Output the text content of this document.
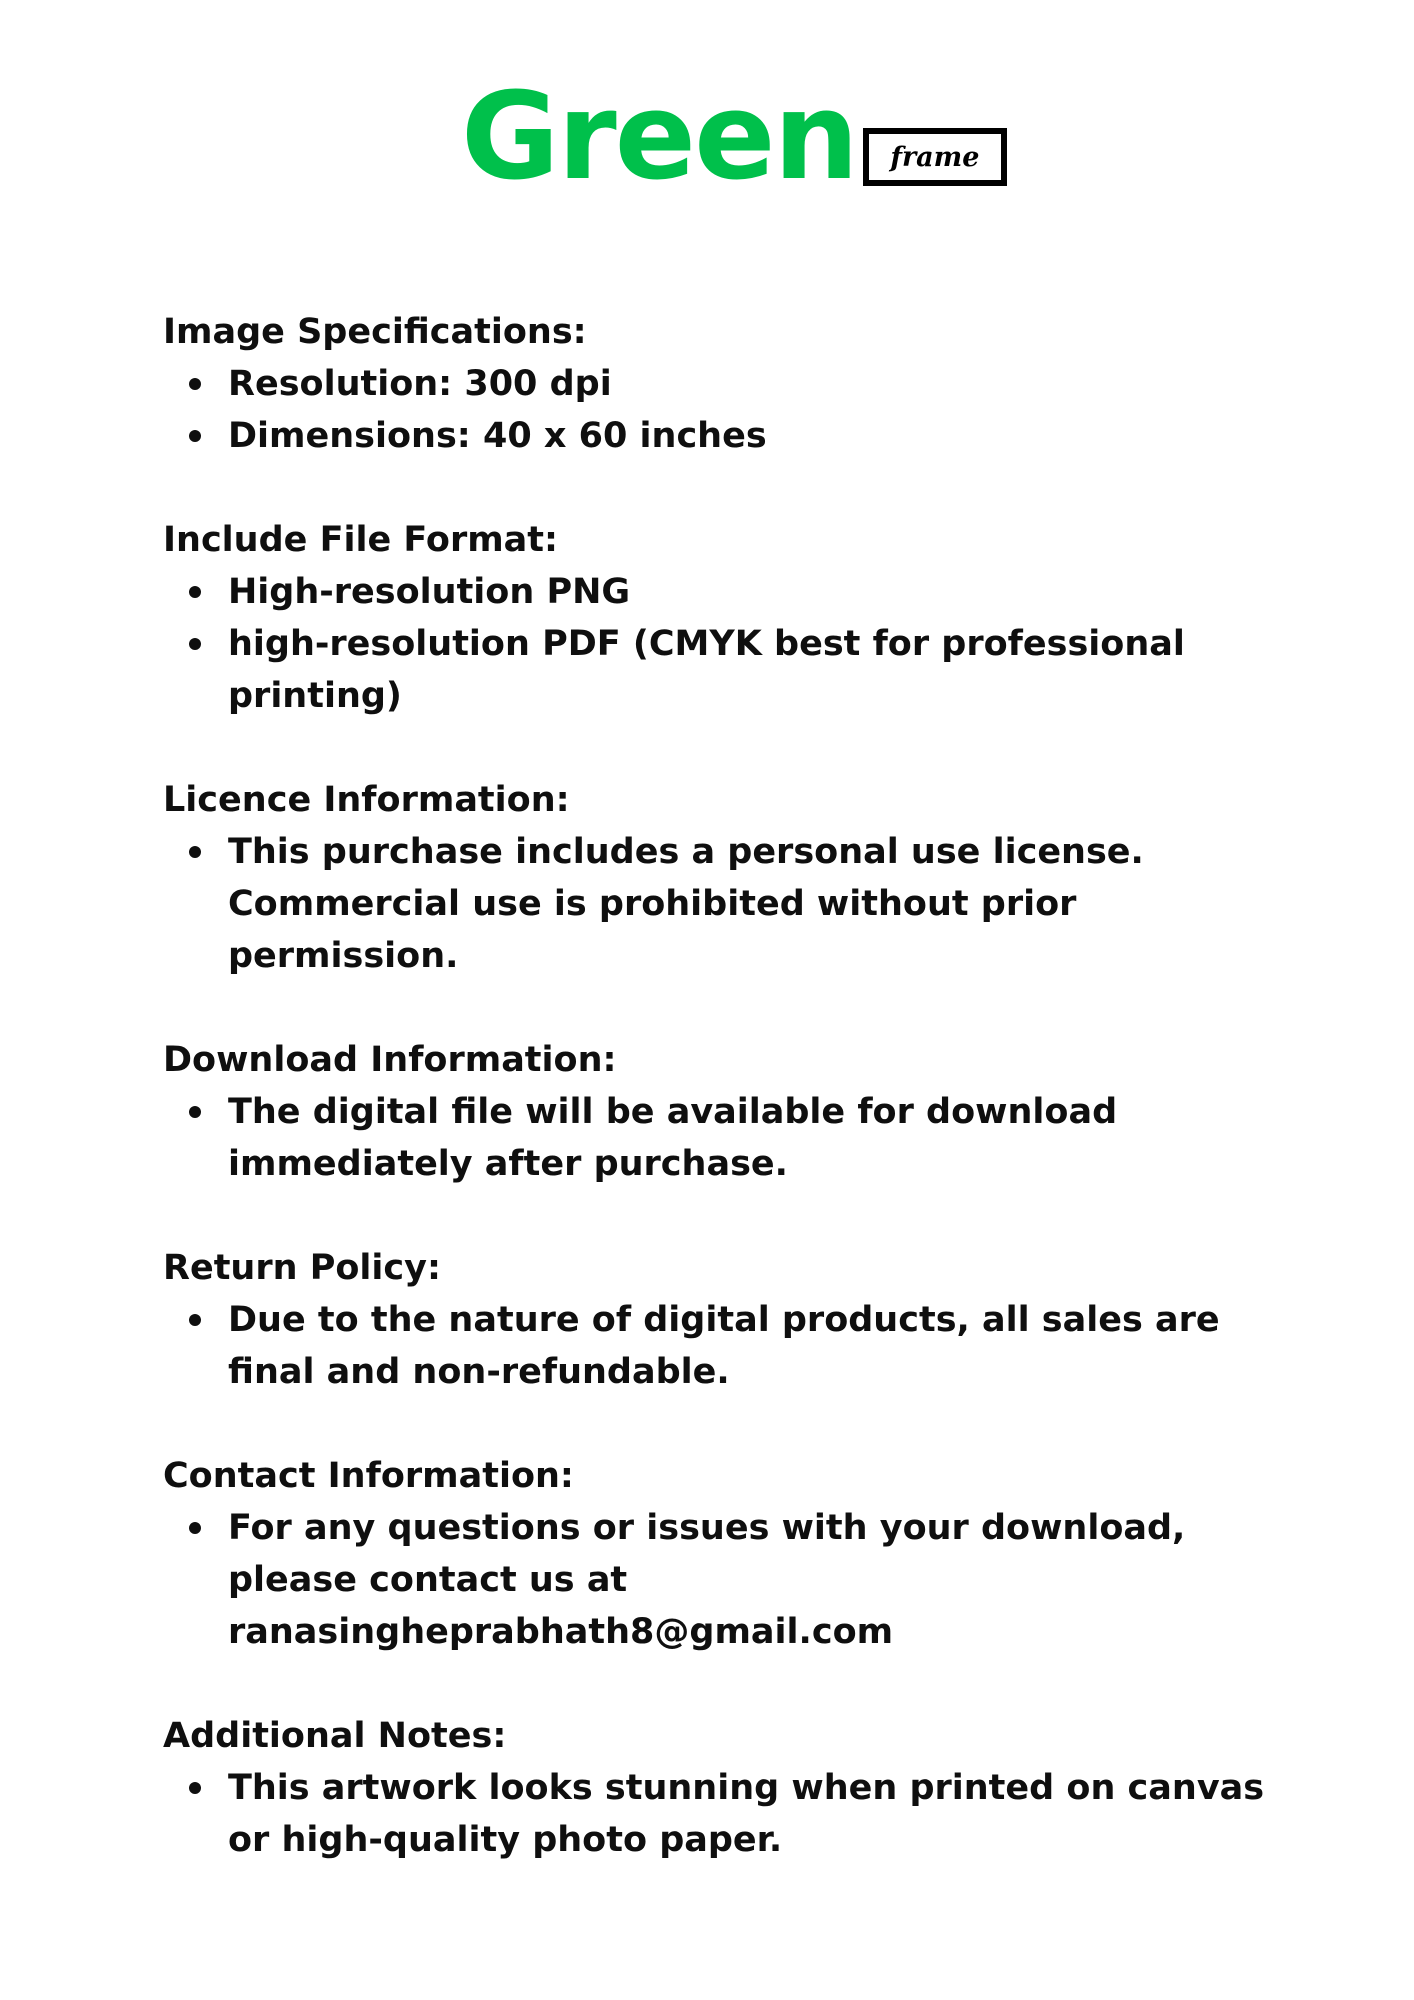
Green	frame
Image Specifications:
Resolution: 300 dpi
Dimensions: 40 x 60 inches
Include File Format:
High-resolution PNG
high-resolution PDF (CMYK best for professional printing)
Licence Information:
This purchase includes a personal use license. Commercial use is prohibited without prior permission.
Download Information:
The digital file will be available for download immediately after purchase.
Return Policy:
Due to the nature of digital products, all sales are final and non-refundable.
Contact Information:
For any questions or issues with your download, please contact us at ranasingheprabhath8@gmail.com
Additional Notes:
This artwork looks stunning when printed on canvas or high-quality photo paper.
